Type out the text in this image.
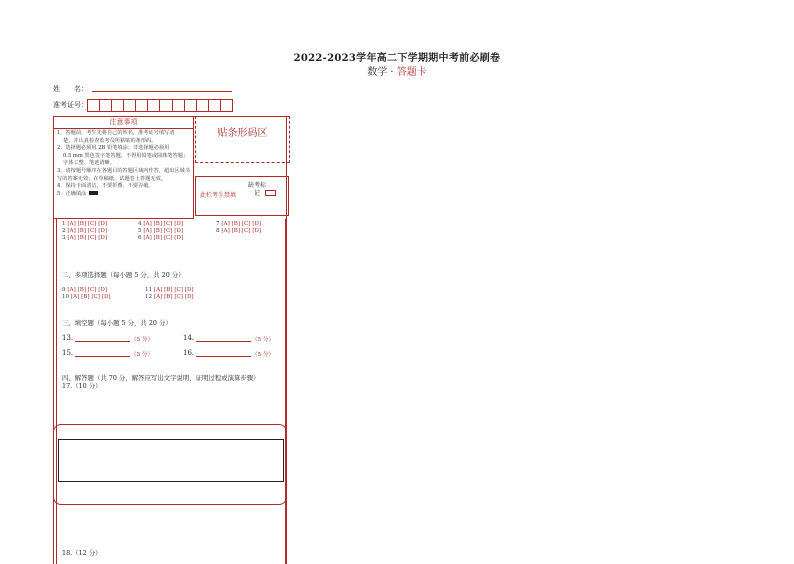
2022-2023学年高二下学期期中考前必刷卷
数学 · 答题卡
姓　　名：
准考证号：
注意事项

1．答题前，考生先将自己的姓名，准考证号填写清

楚，并认真检查监考员所粘贴的条形码。

2．选择题必须用 2B 铅笔填涂；非选择题必须用

0.5 mm 黑色签字笔答题，不得用铅笔或圆珠笔答题；字体工整、笔迹清晰。

3．请按题号顺序在各题目的答题区域内作答，超出区域书写的答案无效；在草稿纸、试题卷上答题无效。

4．保持卡面清洁，不要折叠、不要弄破。

5．正确填涂

贴条形码区
此栏考生禁填
缺考标记
1 [A] [B] [C] [D]	4 [A] [B] [C] [D]	7 [A] [B] [C] [D]
2 [A] [B] [C] [D]	5 [A] [B] [C] [D]	8 [A] [B] [C] [D]
3 [A] [B] [C] [D]	6 [A] [B] [C] [D]
二、多项选择题（每小题 5 分，共 20 分）
9 [A] [B] [C] [D]	11 [A] [B] [C] [D]
10 [A] [B] [C] [D]	12 [A] [B] [C] [D]
三、填空题（每小题 5 分，共 20 分）
13.	（5 分）	14.	（5 分）
15.	（5 分）	16.	（5 分）
四、解答题（共 70 分，解答应写出文字说明、证明过程或演算步骤）
17.（10 分）
18.（12 分）
